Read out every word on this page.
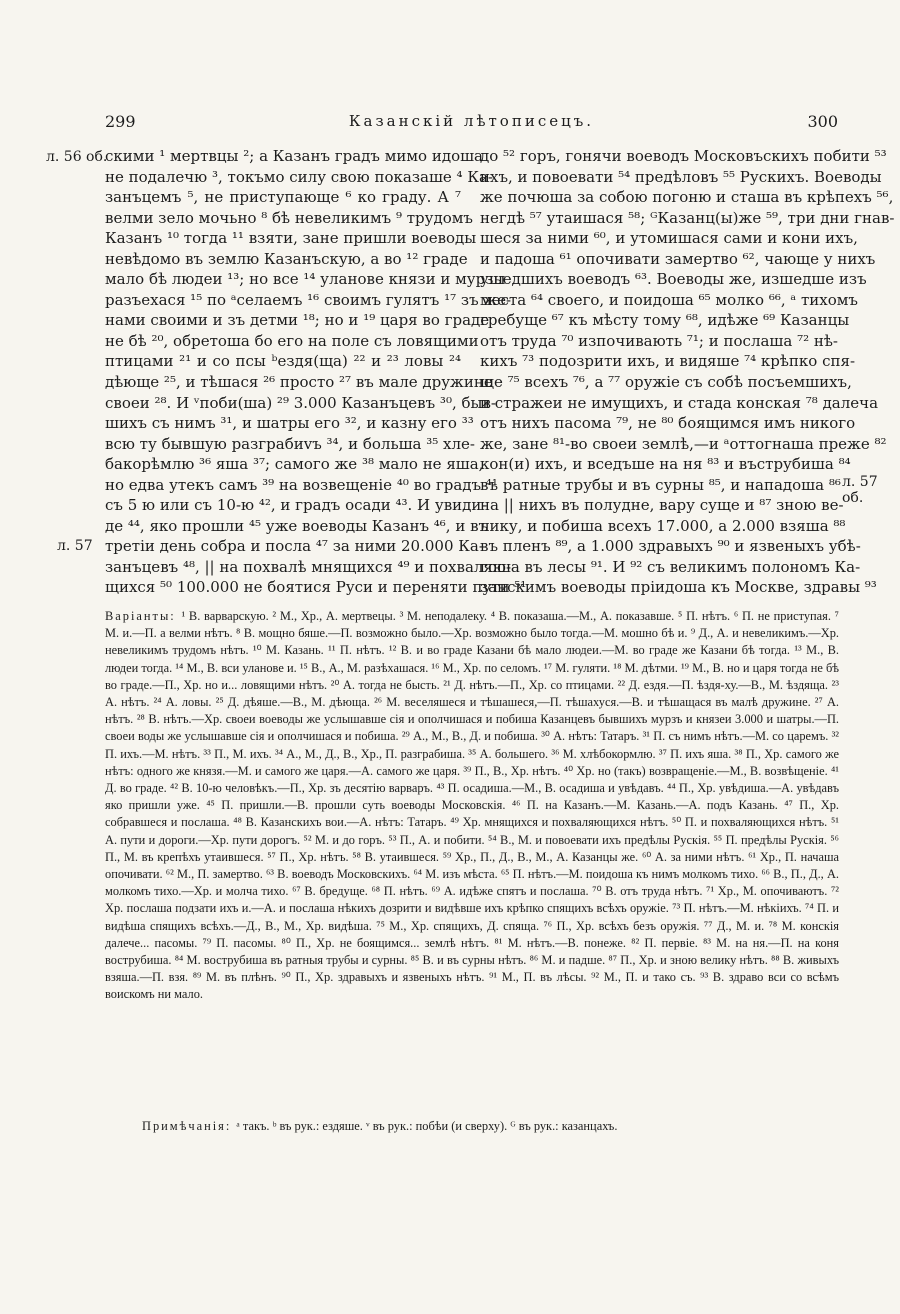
299	Казанскій лѣтописецъ.	300
л. 56 об.
л. 57
л. 57 об.
скими ¹ мертвцы ²; а Казанъ градъ мимо идоша
не подалечю ³, токъмо силу свою показаше ⁴ Ка-
занъцемъ ⁵, не приступающе ⁶ ко граду. А ⁷
велми зело мочьно ⁸ бѣ невеликимъ ⁹ трудомъ
Казанъ ¹⁰ тогда ¹¹ взяти, зане пришли воеводы
невѣдомо въ землю Казанъскую, а во ¹² граде
мало бѣ людеи ¹³; но все ¹⁴ уланове князи и мурзы
разъехася ¹⁵ по ᵃселаемъ ¹⁶ своимъ гулятъ ¹⁷ зъ же-
нами своими и зъ детми ¹⁸; но и ¹⁹ царя во граде
не бѣ ²⁰, обретоша бо его на поле съ ловящими
птицами ²¹ и со псы ᵇездя(ща) ²² и ²³ ловы ²⁴
дѣюще ²⁵, и тѣшася ²⁶ просто ²⁷ въ мале дружине
своеи ²⁸. И ᵛпоби(ша) ²⁹ 3.000 Казанъцевъ ³⁰, быв-
шихъ съ нимъ ³¹, и шатры его ³², и казну его ³³
всю ту бывшую разграбиvъ ³⁴, и больша ³⁵ хле-
бакорѣмлю ³⁶ яша ³⁷; самого же ³⁸ мало не яша,
но едва утекъ самъ ³⁹ на возвещеніе ⁴⁰ во градъ ⁴¹
съ 5 ю или съ 10-ю ⁴², и градъ осади ⁴³. И увиди-
де ⁴⁴, яко прошли ⁴⁵ уже воеводы Казанъ ⁴⁶, и въ
третіи день собра и посла ⁴⁷ за ними 20.000 Ка-
занъцевъ ⁴⁸, || на похвалѣ мнящихся ⁴⁹ и похваляю-
щихся ⁵⁰ 100.000 не боятися Руси и переняти пути ⁵¹
до ⁵² горъ, гонячи воеводъ Московъскихъ побити ⁵³
ихъ, и повоевати ⁵⁴ предѣловъ ⁵⁵ Рускихъ. Воеводы
же почюша за собою погоню и сташа въ крѣпехъ ⁵⁶,
негдѣ ⁵⁷ утаишася ⁵⁸; ᴳКазанц(ы)же ⁵⁹, три дни гнав-
шеся за ними ⁶⁰, и утомишася сами и кони ихъ,
и падоша ⁶¹ опочивати замертво ⁶², чающе у нихъ
ушедшихъ воеводъ ⁶³. Воеводы же, изшедше изъ
места ⁶⁴ своего, и поидоша ⁶⁵ молко ⁶⁶, ᵃ тихомъ
гребуще ⁶⁷ къ мѣсту тому ⁶⁸, идѣже ⁶⁹ Казанцы
отъ труда ⁷⁰ изпочивають ⁷¹; и послаша ⁷² нѣ-
кихъ ⁷³ подозрити ихъ, и видяше ⁷⁴ крѣпко спя-
ще ⁷⁵ всехъ ⁷⁶, а ⁷⁷ оружіе съ собѣ посъемшихъ,
и стражеи не имущихъ, и стада конская ⁷⁸ далеча
отъ нихъ пасома ⁷⁹, не ⁸⁰ боящимся имъ никого
же, зане ⁸¹-во своеи землѣ,—и ᵃоттогнаша преже ⁸²
кон(и) ихъ, и вседъше на ня ⁸³ и въструбиша ⁸⁴
въ ратные трубы и въ сурны ⁸⁵, и нападоша ⁸⁶
на || нихъ въ полудне, вару суще и ⁸⁷ зною ве-
лику, и побиша всехъ 17.000, а 2.000 взяша ⁸⁸
въ пленъ ⁸⁹, а 1.000 здравыхъ ⁹⁰ и язвеныхъ убѣ-
гоша въ лесы ⁹¹. И ⁹² съ великимъ полономъ Ка-
занскимъ воеводы пріидоша къ Москве, здравы ⁹³
Варіанты: ¹ В. варварскую. ² М., Хр., А. мертвецы. ³ М. неподалеку. ⁴ В. показаша.—М., А. показавше. ⁵ П. нѣтъ. ⁶ П. не приступая. ⁷ М. и.—П. а велми нѣтъ. ⁸ В. мощно бяше.—П. возможно было.—Хр. возможно было тогда.—М. мошно бѣ и. ⁹ Д., А. и невеликимъ.—Хр. невеликимъ трудомъ нѣтъ. ¹⁰ М. Казань. ¹¹ П. нѣтъ. ¹² В. и во граде Казани бѣ мало людеи.—М. во граде же Казани бѣ тогда. ¹³ М., В. людеи тогда. ¹⁴ М., В. вси уланове и. ¹⁵ В., А., М. разѣхашася. ¹⁶ М., Хр. по селомъ. ¹⁷ М. гуляти. ¹⁸ М. дѣтми. ¹⁹ М., В. но и царя тогда не бѣ во граде.—П., Хр. но и... ловящими нѣтъ. ²⁰ А. тогда не бысть. ²¹ Д. нѣтъ.—П., Хр. со птицами. ²² Д. ездя.—П. ѣздя-ху.—В., М. ѣздяща. ²³ А. нѣтъ. ²⁴ А. ловы. ²⁵ Д. дѣяше.—В., М. дѣюща. ²⁶ М. веселяшеся и тѣшашеся,—П. тѣшахуся.—В. и тѣшащася въ малѣ дружине. ²⁷ А. нѣтъ. ²⁸ В. нѣтъ.—Хр. своеи воеводы же услышавше сія и ополчишася и побиша Казанцевъ бывшихъ мурзъ и князеи 3.000 и шатры.—П. своеи воды же услышавше сія и ополчишася и побиша. ²⁹ А., М., В., Д. и побиша. ³⁰ А. нѣтъ: Татаръ. ³¹ П. съ нимъ нѣтъ.—М. со царемъ. ³² П. ихъ.—М. нѣтъ. ³³ П., М. ихъ. ³⁴ А., М., Д., В., Хр., П. разграбиша. ³⁵ А. большего. ³⁶ М. хлѣбокормлю. ³⁷ П. ихъ яша. ³⁸ П., Хр. самого же нѣтъ: одного же князя.—М. и самого же царя.—А. самого же царя. ³⁹ П., В., Хр. нѣтъ. ⁴⁰ Хр. но (такъ) возвращеніе.—М., В. возвѣщеніе. ⁴¹ Д. во граде. ⁴² В. 10-ю человѣкъ.—П., Хр. зъ десятію варваръ. ⁴³ П. осадиша.—М., В. осадиша и увѣдавъ. ⁴⁴ П., Хр. увѣдиша.—А. увѣдавъ яко пришли уже. ⁴⁵ П. пришли.—В. прошли суть воеводы Московскія. ⁴⁶ П. на Казанъ.—М. Казань.—А. подъ Казань. ⁴⁷ П., Хр. собравшеся и послаша. ⁴⁸ В. Казанскихъ вои.—А. нѣтъ: Татаръ. ⁴⁹ Хр. мнящихся и похваляющихся нѣтъ. ⁵⁰ П. и похваляющихся нѣтъ. ⁵¹ А. пути и дороги.—Хр. пути дорогъ. ⁵² М. и до горъ. ⁵³ П., А. и побити. ⁵⁴ В., М. и повоевати ихъ предѣлы Рускія. ⁵⁵ П. предѣлы Рускія. ⁵⁶ П., М. въ крепѣхъ утаившеся. ⁵⁷ П., Хр. нѣтъ. ⁵⁸ В. утаившеся. ⁵⁹ Хр., П., Д., В., М., А. Казанцы же. ⁶⁰ А. за ними нѣтъ. ⁶¹ Хр., П. начаша опочивати. ⁶² М., П. замертво. ⁶³ В. воеводъ Московскихъ. ⁶⁴ М. изъ мѣста. ⁶⁵ П. нѣтъ.—М. поидоша къ нимъ молкомъ тихо. ⁶⁶ В., П., Д., А. молкомъ тихо.—Хр. и молча тихо. ⁶⁷ В. бредуще. ⁶⁸ П. нѣтъ. ⁶⁹ А. идѣже спятъ и послаша. ⁷⁰ В. отъ труда нѣтъ. ⁷¹ Хр., М. опочиваютъ. ⁷² Хр. послаша подзати ихъ и.—А. и послаша нѣкихъ дозрити и видѣвше ихъ крѣпко спящихъ всѣхъ оружіе. ⁷³ П. нѣтъ.—М. нѣкіихъ. ⁷⁴ П. и видѣша спящихъ всѣхъ.—Д., В., М., Хр. видѣша. ⁷⁵ М., Хр. спящихъ, Д. спяща. ⁷⁶ П., Хр. всѣхъ безъ оружія. ⁷⁷ Д., М. и. ⁷⁸ М. конскія далече... пасомы. ⁷⁹ П. пасомы. ⁸⁰ П., Хр. не боящимся... землѣ нѣтъ. ⁸¹ М. нѣтъ.—В. понеже. ⁸² П. первіе. ⁸³ М. на ня.—П. на коня вострубиша. ⁸⁴ М. вострубиша въ ратныя трубы и сурны. ⁸⁵ В. и въ сурны нѣтъ. ⁸⁶ М. и падше. ⁸⁷ П., Хр. и зною велику нѣтъ. ⁸⁸ В. живыхъ взяша.—П. взя. ⁸⁹ М. въ плѣнъ. ⁹⁰ П., Хр. здравыхъ и язвеныхъ нѣтъ. ⁹¹ М., П. въ лѣсы. ⁹² М., П. и тако съ. ⁹³ В. здраво вси со всѣмъ воискомъ ни мало.
Примѣчанія: ᵃ такъ. ᵇ въ рук.: ездяше. ᵛ въ рук.: побѣи (и сверху). ᴳ въ рук.: казанцахъ.
